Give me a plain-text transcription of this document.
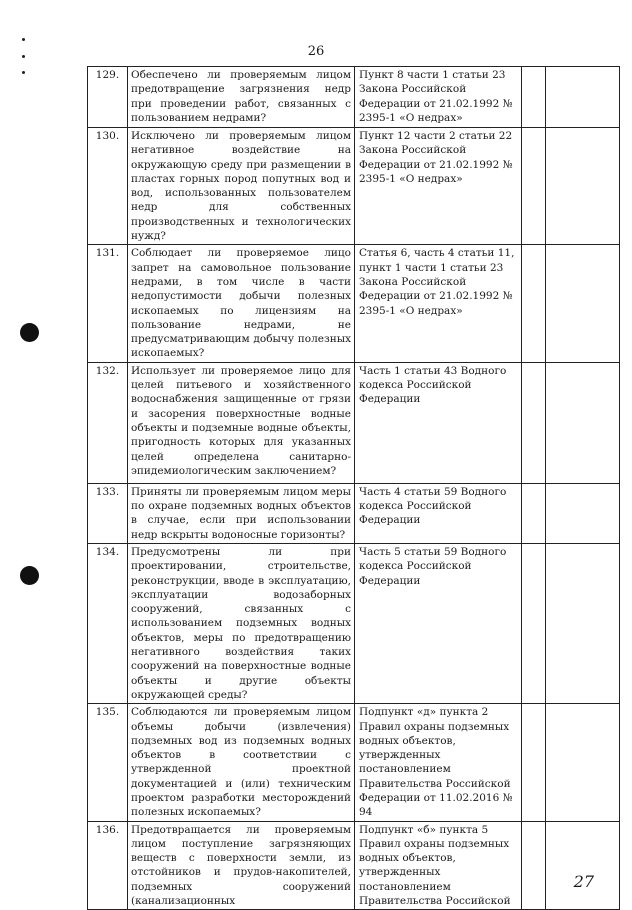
26
129.	Обеспечено ли проверяемым лицом предотвращение загрязнения недр при проведении работ, связанных с пользованием недрами?	Пункт 8 части 1 статьи 23 Закона Российской Федерации от 21.02.1992 № 2395-1 «О недрах»		
130.	Исключено ли проверяемым лицом негативное воздействие на окружающую среду при размещении в пластах горных пород попутных вод и вод, использованных пользователем недр для собственных производственных и технологических нужд?	Пункт 12 части 2 статьи 22 Закона Российской Федерации от 21.02.1992 № 2395-1 «О недрах»		
131.	Соблюдает ли проверяемое лицо запрет на самовольное пользование недрами, в том числе в части недопустимости добычи полезных ископаемых по лицензиям на пользование недрами, не предусматривающим добычу полезных ископаемых?	Статья 6, часть 4 статьи 11, пункт 1 части 1 статьи 23 Закона Российской Федерации от 21.02.1992 № 2395-1 «О недрах»		
132.	Использует ли проверяемое лицо для целей питьевого и хозяйственного водоснабжения защищенные от грязи и засорения поверхностные водные объекты и подземные водные объекты, пригодность которых для указанных целей определена санитарно-эпидемиологическим заключением?	Часть 1 статьи 43 Водного кодекса Российской Федерации		
133.	Приняты ли проверяемым лицом меры по охране подземных водных объектов в случае, если при использовании недр вскрыты водоносные горизонты?	Часть 4 статьи 59 Водного кодекса Российской Федерации		
134.	Предусмотрены ли при проектировании, строительстве, реконструкции, вводе в эксплуатацию, эксплуатации водозаборных сооружений, связанных с использованием подземных водных объектов, меры по предотвращению негативного воздействия таких сооружений на поверхностные водные объекты и другие объекты окружающей среды?	Часть 5 статьи 59 Водного кодекса Российской Федерации		
135.	Соблюдаются ли проверяемым лицом объемы добычи (извлечения) подземных вод из подземных водных объектов в соответствии с утвержденной проектной документацией и (или) техническим проектом разработки месторождений полезных ископаемых?	Подпункт «д» пункта 2 Правил охраны подземных водных объектов, утвержденных постановлением Правительства Российской Федерации от 11.02.2016 № 94		
136.	Предотвращается ли проверяемым лицом поступление загрязняющих веществ с поверхности земли, из отстойников и прудов-накопителей, подземных сооружений (канализационных	Подпункт «б» пункта 5 Правил охраны подземных водных объектов, утвержденных постановлением Правительства Российской		
27
